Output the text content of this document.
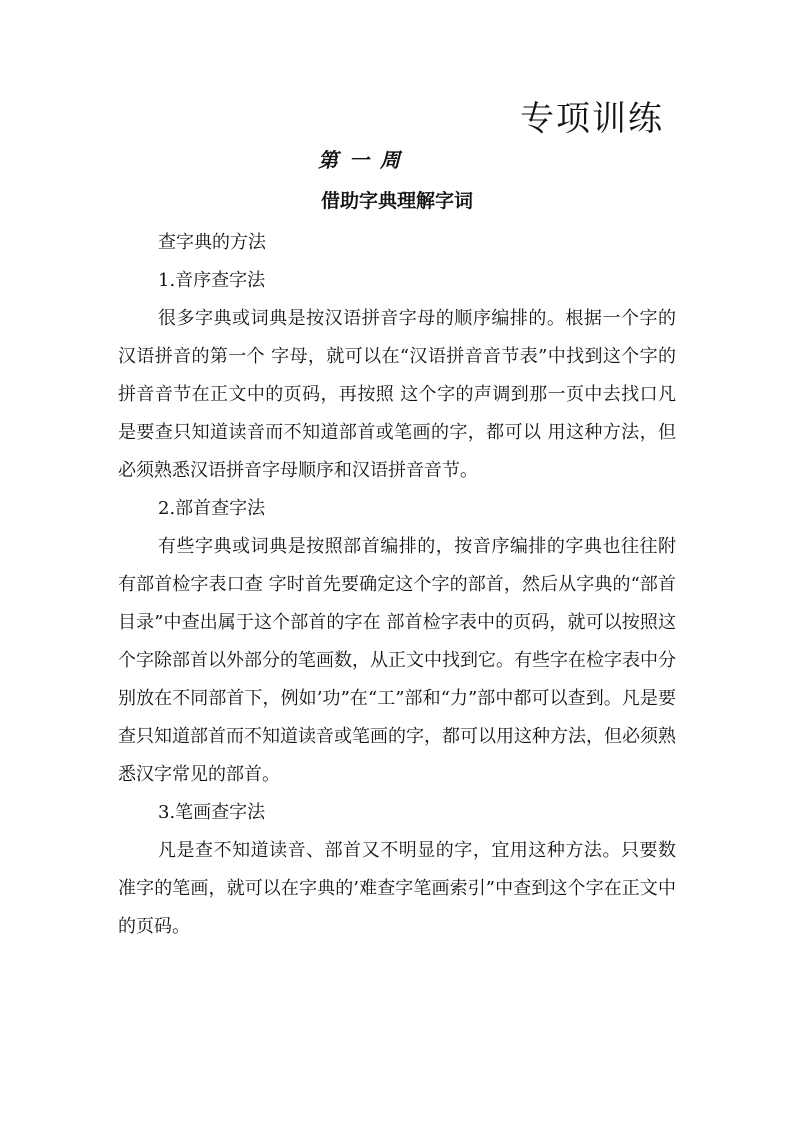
专项训练
第 一 周
借助字典理解字词

查字典的方法

1.音序查字法

很多字典或词典是按汉语拼音字母的顺序编排的。根据一个字的汉语拼音的第一个 字母，就可以在“汉语拼音音节表”中找到这个字的拼音音节在正文中的页码，再按照 这个字的声调到那一页中去找口凡是要查只知道读音而不知道部首或笔画的字，都可以 用这种方法，但必须熟悉汉语拼音字母顺序和汉语拼音音节。

2.部首查字法

有些字典或词典是按照部首编排的，按音序编排的字典也往往附有部首检字表口查 字时首先要确定这个字的部首，然后从字典的“部首目录”中查出属于这个部首的字在 部首检字表中的页码，就可以按照这个字除部首以外部分的笔画数，从正文中找到它。有些字在检字表中分别放在不同部首下，例如’功”在“工”部和“力”部中都可以查到。凡是要查只知道部首而不知道读音或笔画的字，都可以用这种方法，但必须熟悉汉字常见的部首。

3.笔画查字法

凡是查不知道读音、部首又不明显的字，宜用这种方法。只要数准字的笔画，就可以在字典的’难查字笔画索引”中查到这个字在正文中的页码。
